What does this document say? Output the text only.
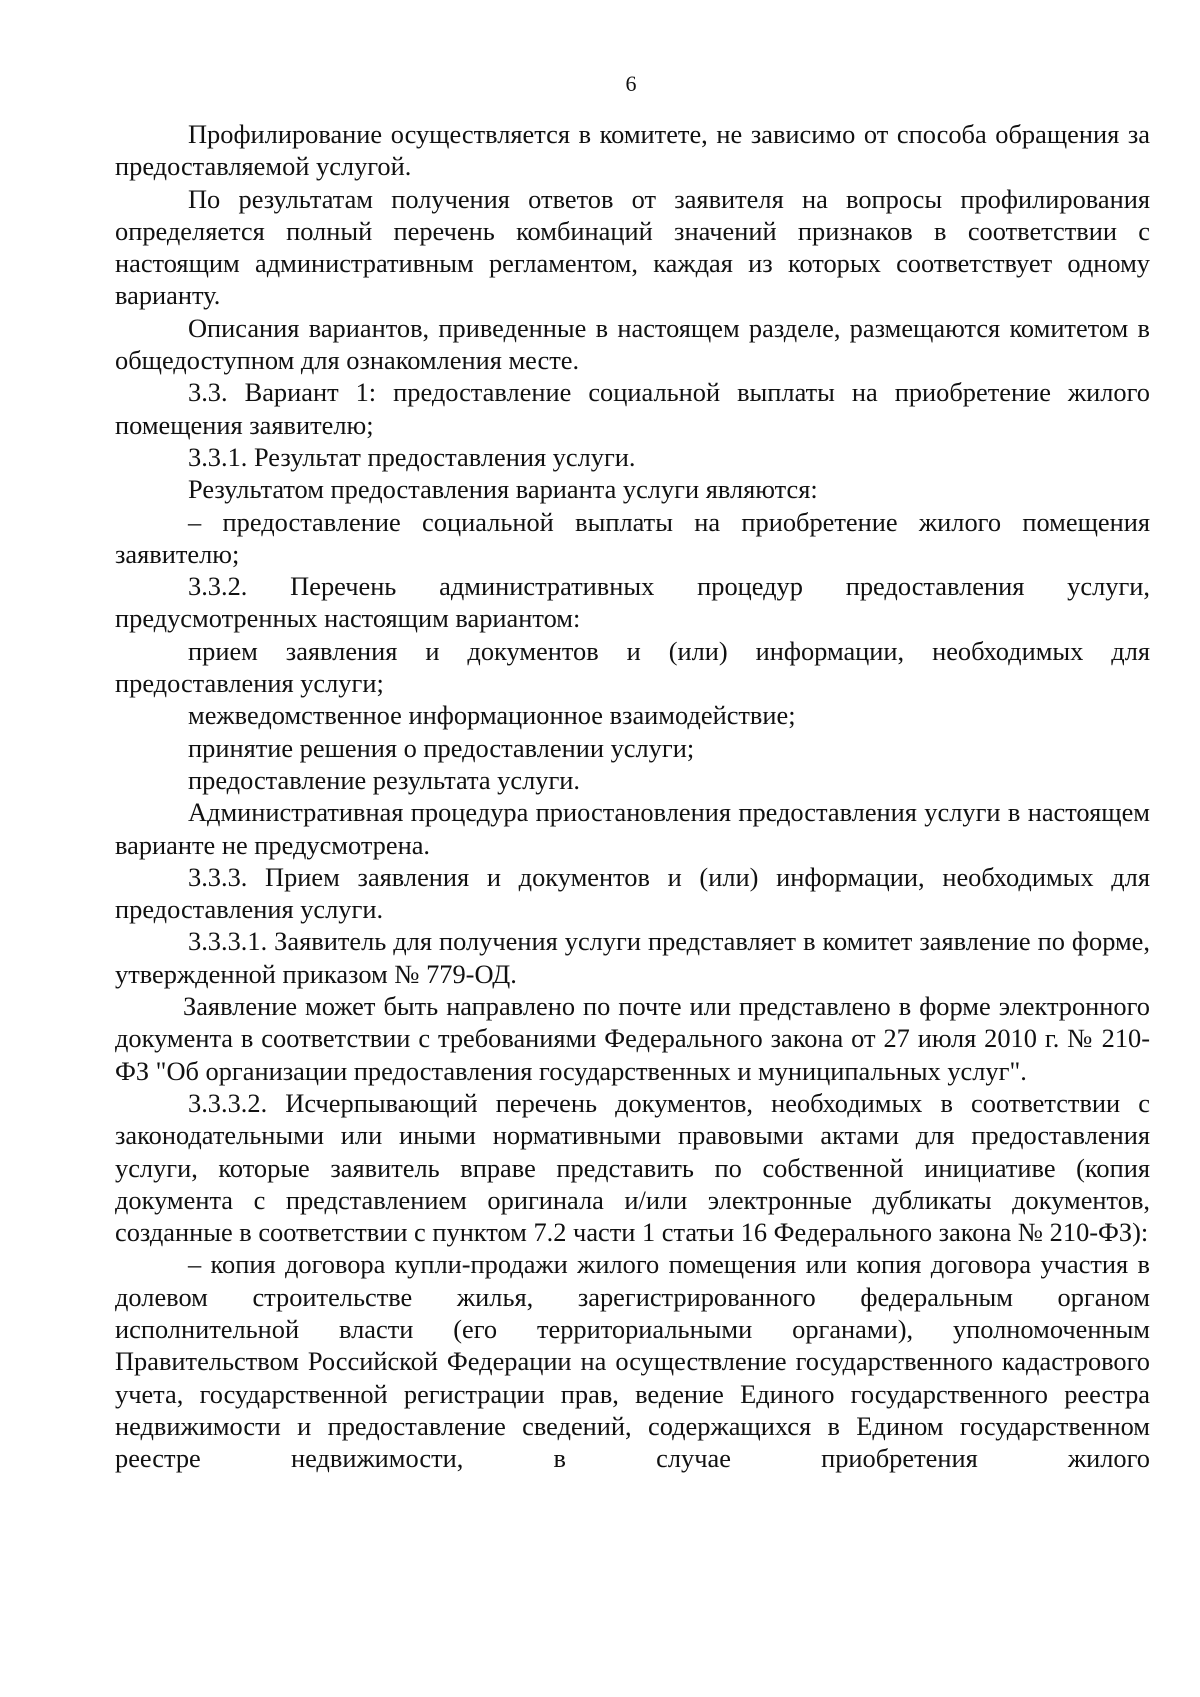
6

Профилирование осуществляется в комитете, не зависимо от способа обращения за предоставляемой услугой.

По результатам получения ответов от заявителя на вопросы профилирования определяется полный перечень комбинаций значений признаков в соответствии с настоящим административным регламентом, каждая из которых соответствует одному варианту.

Описания вариантов, приведенные в настоящем разделе, размещаются комитетом в общедоступном для ознакомления месте.

3.3. Вариант 1: предоставление социальной выплаты на приобретение жилого помещения заявителю;

3.3.1. Результат предоставления услуги.

Результатом предоставления варианта услуги являются:

– предоставление социальной выплаты на приобретение жилого помещения заявителю;

3.3.2. Перечень административных процедур предоставления услуги, предусмотренных настоящим вариантом:

прием заявления и документов и (или) информации, необходимых для предоставления услуги;

межведомственное информационное взаимодействие;

принятие решения о предоставлении услуги;

предоставление результата услуги.

Административная процедура приостановления предоставления услуги в настоящем варианте не предусмотрена.

3.3.3. Прием заявления и документов и (или) информации, необходимых для предоставления услуги.

3.3.3.1. Заявитель для получения услуги представляет в комитет заявление по форме, утвержденной приказом № 779-ОД.

Заявление может быть направлено по почте или представлено в форме электронного документа в соответствии с требованиями Федерального закона от 27 июля 2010 г. № 210-ФЗ "Об организации предоставления государственных и муниципальных услуг".

3.3.3.2. Исчерпывающий перечень документов, необходимых в соответствии с законодательными или иными нормативными правовыми актами для предоставления услуги, которые заявитель вправе представить по собственной инициативе (копия документа с представлением оригинала и/или электронные дубликаты документов, созданные в соответствии с пунктом 7.2 части 1 статьи 16 Федерального закона № 210-ФЗ):

– копия договора купли-продажи жилого помещения или копия договора участия в долевом строительстве жилья, зарегистрированного федеральным органом исполнительной власти (его территориальными органами), уполномоченным Правительством Российской Федерации на осуществление государственного кадастрового учета, государственной регистрации прав, ведение Единого государственного реестра недвижимости и предоставление сведений, содержащихся в Едином государственном реестре недвижимости, в случае приобретения жилого
